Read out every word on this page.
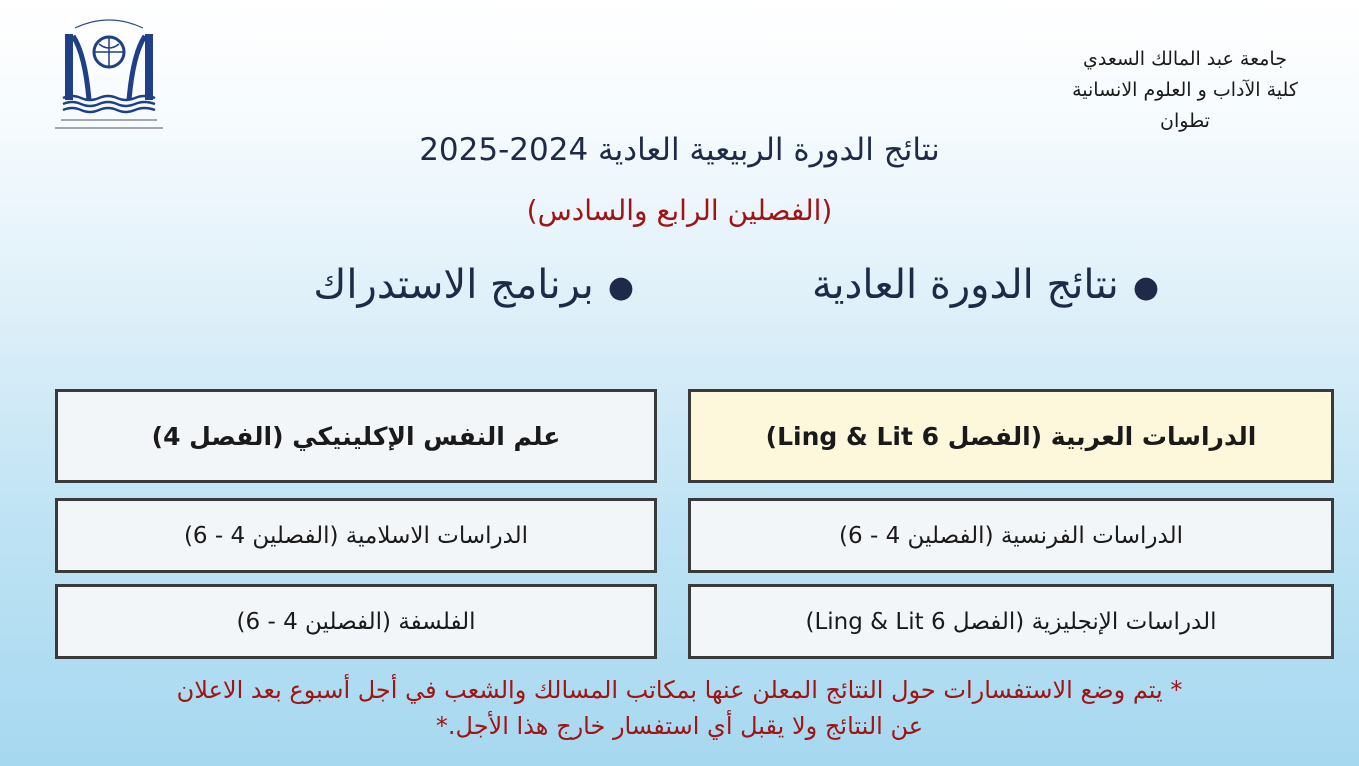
جامعة عبد المالك السعدي
كلية الآداب و العلوم الانسانية
تطوان
نتائج الدورة الربيعية العادية 2024-2025
(الفصلين الرابع والسادس)
●نتائج الدورة العادية
●برنامج الاستدراك
الدراسات العربية (الفصل 6 Ling & Lit)
الدراسات الفرنسية (الفصلين 4 - 6)
الدراسات الإنجليزية (الفصل 6 Ling & Lit)
علم النفس الإكلينيكي (الفصل 4)
الدراسات الاسلامية (الفصلين 4 - 6)
الفلسفة (الفصلين 4 - 6)
* يتم وضع الاستفسارات حول النتائج المعلن عنها بمكاتب المسالك والشعب في أجل أسبوع بعد الاعلان
عن النتائج ولا يقبل أي استفسار خارج هذا الأجل.*
